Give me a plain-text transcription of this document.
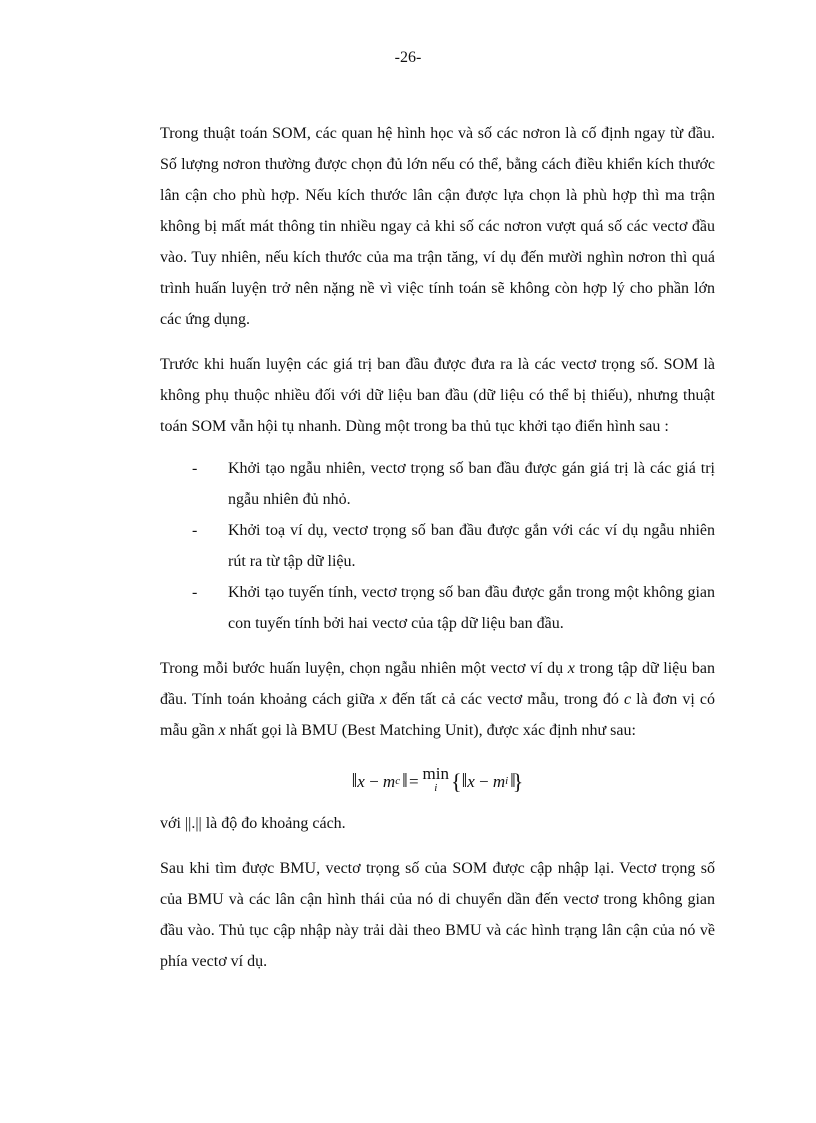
-26-

Trong thuật toán SOM, các quan hệ hình học và số các nơron là cố định ngay từ đầu. Số lượng nơron thường được chọn đủ lớn nếu có thể, bằng cách điều khiển kích thước lân cận cho phù hợp. Nếu kích thước lân cận được lựa chọn là phù hợp thì ma trận không bị mất mát thông tin nhiều ngay cả khi số các nơron vượt quá số các vectơ đầu vào. Tuy nhiên, nếu kích thước của ma trận tăng, ví dụ đến mười nghìn nơron thì quá trình huấn luyện trở nên nặng nề vì việc tính toán sẽ không còn hợp lý cho phần lớn các ứng dụng.

Trước khi huấn luyện các giá trị ban đầu được đưa ra là các vectơ trọng số. SOM là không phụ thuộc nhiều đối với dữ liệu ban đầu (dữ liệu có thể bị thiếu), nhưng thuật toán SOM vẫn hội tụ nhanh. Dùng một trong ba thủ tục khởi tạo điển hình sau :

- Khởi tạo ngẫu nhiên, vectơ trọng số ban đầu được gán giá trị là các giá trị ngẫu nhiên đủ nhỏ.
- Khởi toạ ví dụ, vectơ trọng số ban đầu được gắn với các ví dụ ngẫu nhiên rút ra từ tập dữ liệu.
- Khởi tạo tuyến tính, vectơ trọng số ban đầu được gắn trong một không gian con tuyến tính bởi hai vectơ của tập dữ liệu ban đầu.

Trong mỗi bước huấn luyện, chọn ngẫu nhiên một vectơ ví dụ x trong tập dữ liệu ban đầu. Tính toán khoảng cách giữa x đến tất cả các vectơ mẫu, trong đó c là đơn vị có mẫu gần x nhất gọi là BMU (Best Matching Unit), được xác định như sau:

‖ x
−
m c ‖
= min
i { ‖ x
−
m i ‖ }

với ||.|| là độ đo khoảng cách.

Sau khi tìm được BMU, vectơ trọng số của SOM được cập nhập lại. Vectơ trọng số của BMU và các lân cận hình thái của nó di chuyển dần đến vectơ trong không gian đầu vào. Thủ tục cập nhập này trải dài theo BMU và các hình trạng lân cận của nó về phía vectơ ví dụ.
